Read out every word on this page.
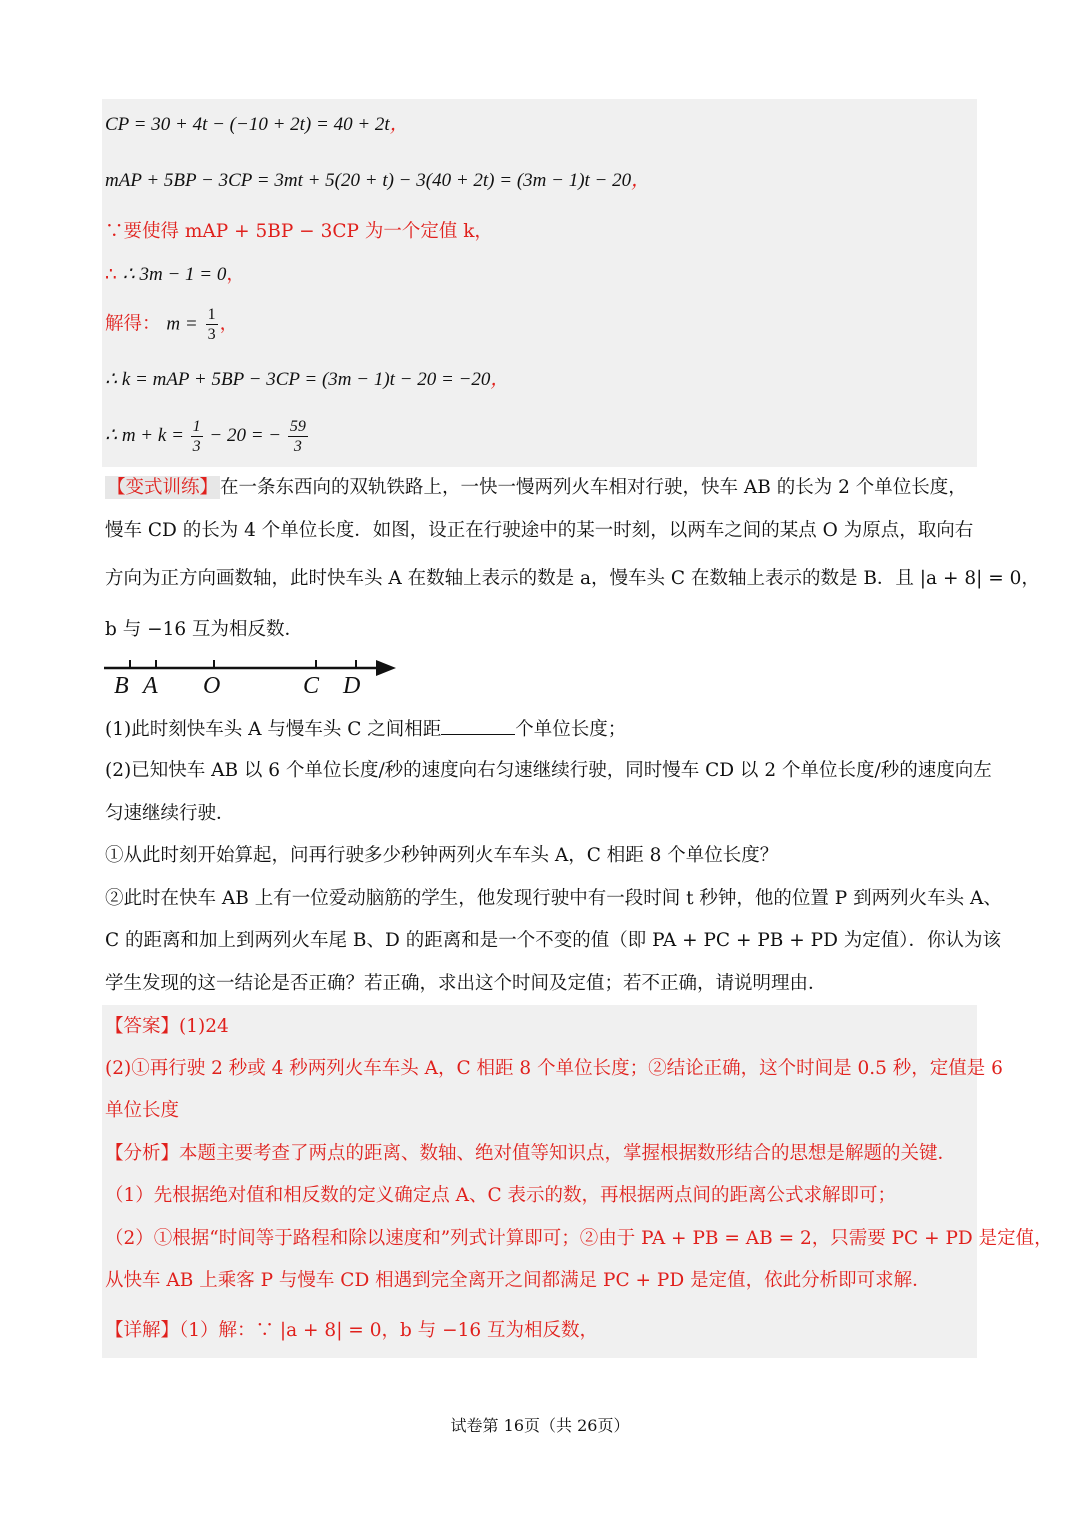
CP = 30 + 4t − (−10 + 2t) = 40 + 2t，
mAP + 5BP − 3CP = 3mt + 5(20 + t) − 3(40 + 2t) = (3m − 1)t − 20，
∵要使得 mAP + 5BP − 3CP 为一个定值 k，
∴ ∴ 3m − 1 = 0，
解得： $m = \frac{1}{3}$ ，
∴ k = mAP + 5BP − 3CP = (3m − 1)t − 20 = −20，
∴ $m + k = \frac{1}{3} - 20$ = − $\frac{59}{3}$
【变式训练】 在一条东西向的双轨铁路上，一快一慢两列火车相对行驶，快车 AB 的长为 2 个单位长度，
慢车 CD 的长为 4 个单位长度．如图，设正在行驶途中的某一时刻，以两车之间的某点 O 为原点，取向右
方向为正方向画数轴，此时快车头 A 在数轴上表示的数是 a，慢车头 C 在数轴上表示的数是 B．且 |a + 8| = 0，
b 与 −16 互为相反数．
B A O	C D
(1)此时刻快车头 A 与慢车头 C 之间相距	个单位长度；
(2)已知快车 AB 以 6 个单位长度/秒的速度向右匀速继续行驶，同时慢车 CD 以 2 个单位长度/秒的速度向左
匀速继续行驶．
①从此时刻开始算起，问再行驶多少秒钟两列火车车头 A，C 相距 8 个单位长度？
②此时在快车 AB 上有一位爱动脑筋的学生，他发现行驶中有一段时间 t 秒钟，他的位置 P 到两列火车头 A、
C 的距离和加上到两列火车尾 B、D 的距离和是一个不变的值（即 PA + PC + PB + PD 为定值）．你认为该
学生发现的这一结论是否正确？若正确，求出这个时间及定值；若不正确，请说明理由．
【答案】(1)24
(2)①再行驶 2 秒或 4 秒两列火车车头 A，C 相距 8 个单位长度；②结论正确，这个时间是 0.5 秒，定值是 6
单位长度
【分析】本题主要考查了两点的距离、数轴、绝对值等知识点，掌握根据数形结合的思想是解题的关键．
（1）先根据绝对值和相反数的定义确定点 A、C 表示的数，再根据两点间的距离公式求解即可；
（2）①根据“时间等于路程和除以速度和”列式计算即可；②由于 PA + PB = AB = 2，只需要 PC + PD 是定值，
从快车 AB 上乘客 P 与慢车 CD 相遇到完全离开之间都满足 PC + PD 是定值，依此分析即可求解．
【详解】（1）解：∵ |a + 8| = 0，b 与 −16 互为相反数，
试卷第 16页（共 26页）
